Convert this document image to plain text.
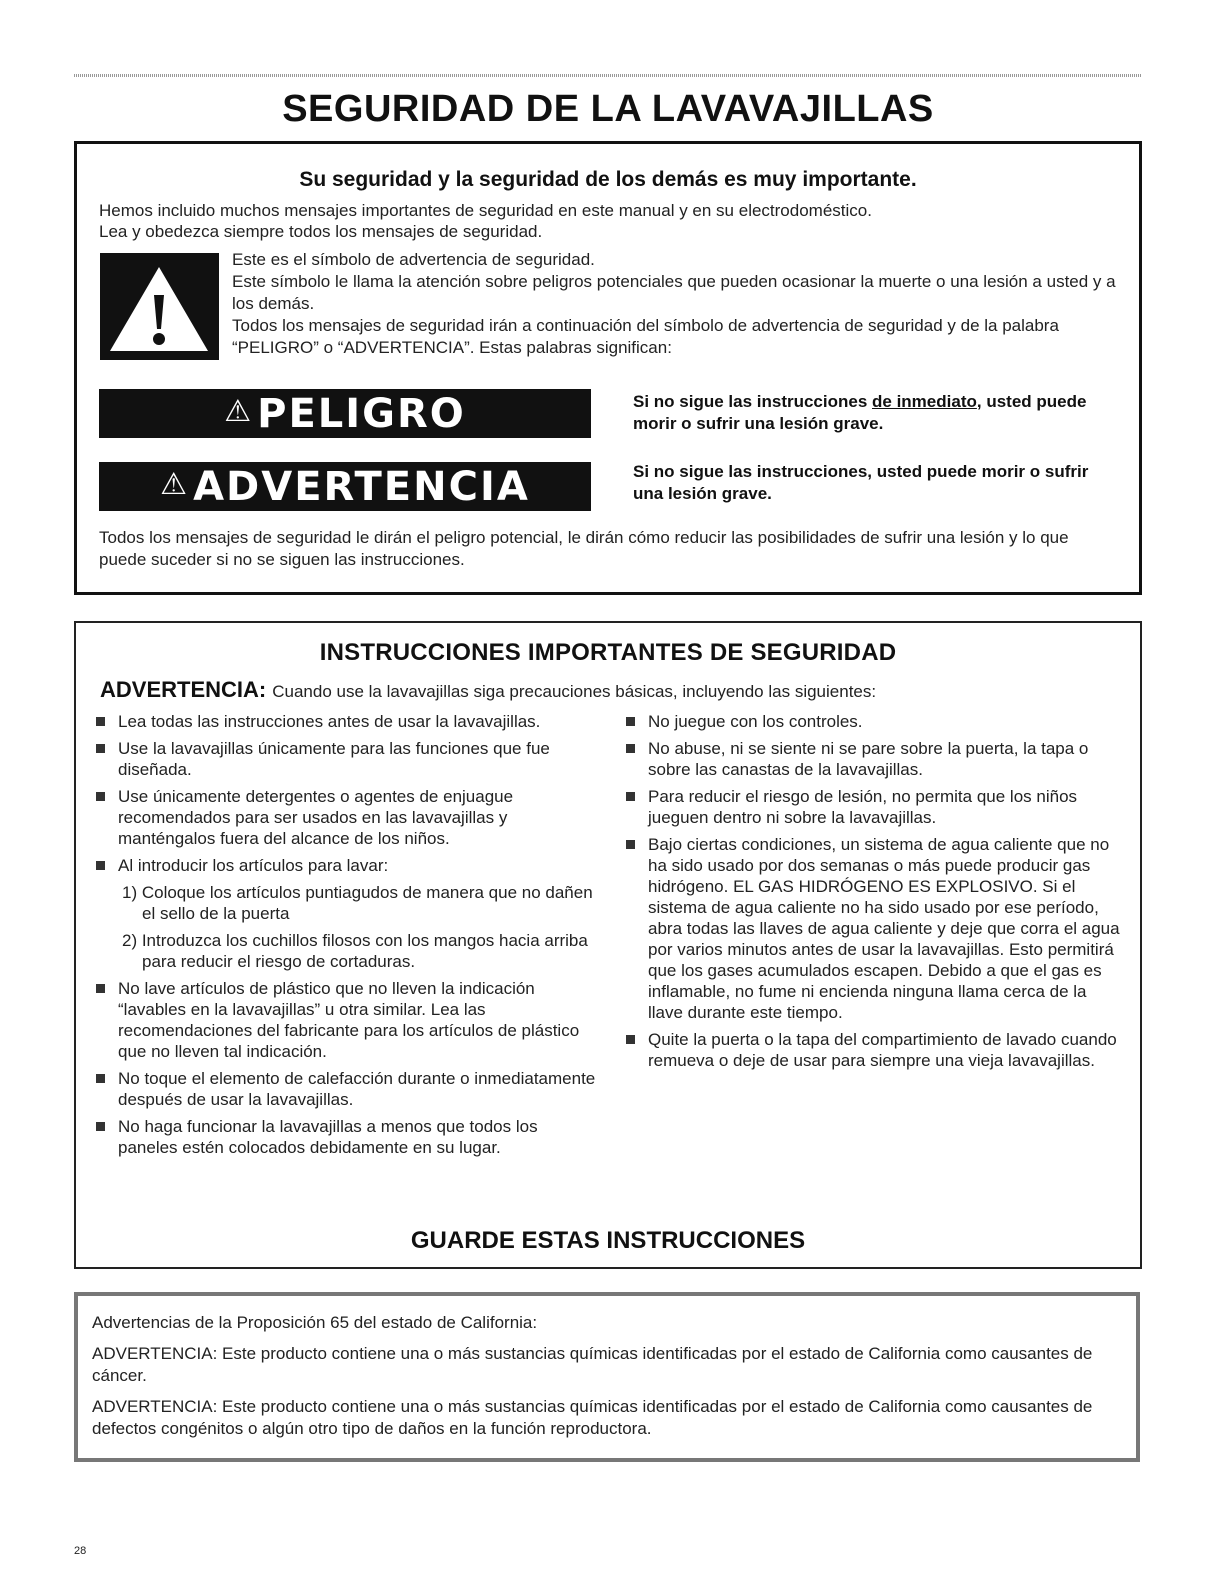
SEGURIDAD DE LA LAVAVAJILLAS
Su seguridad y la seguridad de los demás es muy importante.
Hemos incluido muchos mensajes importantes de seguridad en este manual y en su electrodoméstico.
Lea y obedezca siempre todos los mensajes de seguridad.
Este es el símbolo de advertencia de seguridad.
Este símbolo le llama la atención sobre peligros potenciales que pueden ocasionar la muerte o una lesión a usted y a los demás.
Todos los mensajes de seguridad irán a continuación del símbolo de advertencia de seguridad y de la palabra “PELIGRO” o “ADVERTENCIA”. Estas palabras significan:
⚠ PELIGRO	Si no sigue las instrucciones de inmediato, usted puede morir o sufrir una lesión grave.
⚠ ADVERTENCIA	Si no sigue las instrucciones, usted puede morir o sufrir una lesión grave.
Todos los mensajes de seguridad le dirán el peligro potencial, le dirán cómo reducir las posibilidades de sufrir una lesión y lo que puede suceder si no se siguen las instrucciones.
INSTRUCCIONES IMPORTANTES DE SEGURIDAD
ADVERTENCIA: Cuando use la lavavajillas siga precauciones básicas, incluyendo las siguientes:
Lea todas las instrucciones antes de usar la lavavajillas.
Use la lavavajillas únicamente para las funciones que fue diseñada.
Use únicamente detergentes o agentes de enjuague recomendados para ser usados en las lavavajillas y manténgalos fuera del alcance de los niños.
Al introducir los artículos para lavar:
1) Coloque los artículos puntiagudos de manera que no dañen el sello de la puerta
2) Introduzca los cuchillos filosos con los mangos hacia arriba para reducir el riesgo de cortaduras.
No lave artículos de plástico que no lleven la indicación “lavables en la lavavajillas” u otra similar. Lea las recomendaciones del fabricante para los artículos de plástico que no lleven tal indicación.
No toque el elemento de calefacción durante o inmediatamente después de usar la lavavajillas.
No haga funcionar la lavavajillas a menos que todos los paneles estén colocados debidamente en su lugar.
No juegue con los controles.
No abuse, ni se siente ni se pare sobre la puerta, la tapa o sobre las canastas de la lavavajillas.
Para reducir el riesgo de lesión, no permita que los niños jueguen dentro ni sobre la lavavajillas.
Bajo ciertas condiciones, un sistema de agua caliente que no ha sido usado por dos semanas o más puede producir gas hidrógeno. EL GAS HIDRÓGENO ES EXPLOSIVO. Si el sistema de agua caliente no ha sido usado por ese período, abra todas las llaves de agua caliente y deje que corra el agua por varios minutos antes de usar la lavavajillas. Esto permitirá que los gases acumulados escapen. Debido a que el gas es inflamable, no fume ni encienda ninguna llama cerca de la llave durante este tiempo.
Quite la puerta o la tapa del compartimiento de lavado cuando remueva o deje de usar para siempre una vieja lavavajillas.
GUARDE ESTAS INSTRUCCIONES

Advertencias de la Proposición 65 del estado de California:

ADVERTENCIA: Este producto contiene una o más sustancias químicas identificadas por el estado de California como causantes de cáncer.

ADVERTENCIA: Este producto contiene una o más sustancias químicas identificadas por el estado de California como causantes de defectos congénitos o algún otro tipo de daños en la función reproductora.

28
